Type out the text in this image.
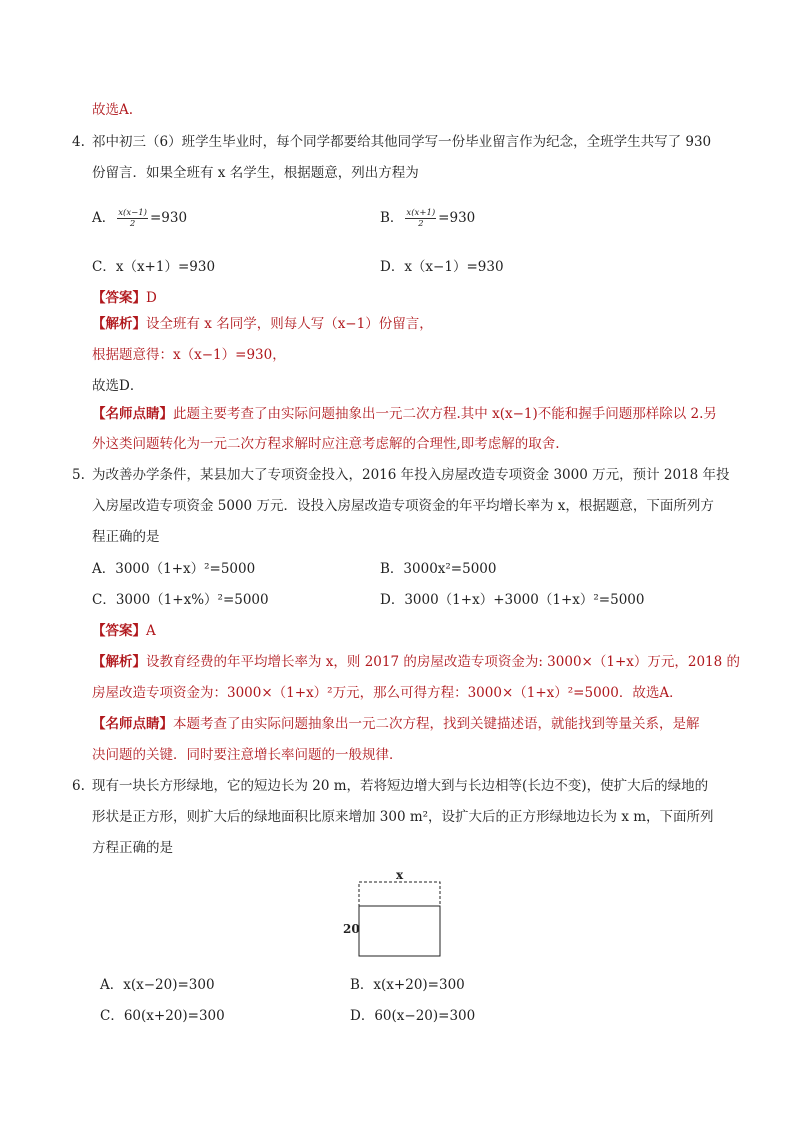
故选A.
4. 祁中初三（6）班学生毕业时，每个同学都要给其他同学写一份毕业留言作为纪念，全班学生共写了 930
份留言．如果全班有 x 名学生，根据题意，列出方程为
A． $\frac{x(x-1)}{2} =930$	B． $\frac{x(x+1)}{2} =930$
C．x（x+1）=930	D．x（x−1）=930
【答案】D
【解析】设全班有 x 名同学，则每人写（x−1）份留言，
根据题意得：x（x−1）=930，
故选D．
【名师点睛】此题主要考查了由实际问题抽象出一元二次方程.其中 x(x−1)不能和握手问题那样除以 2.另
外这类问题转化为一元二次方程求解时应注意考虑解的合理性,即考虑解的取舍.
5. 为改善办学条件，某县加大了专项资金投入，2016 年投入房屋改造专项资金 3000 万元，预计 2018 年投
入房屋改造专项资金 5000 万元．设投入房屋改造专项资金的年平均增长率为 x，根据题意，下面所列方
程正确的是
A．3000（1+x）²=5000	B．3000x²=5000
C．3000（1+x%）²=5000	D．3000（1+x）+3000（1+x）²=5000
【答案】A
【解析】设教育经费的年平均增长率为 x，则 2017 的房屋改造专项资金为: 3000×（1+x）万元，2018 的
房屋改造专项资金为：3000×（1+x）²万元，那么可得方程：3000×（1+x）²=5000．故选A．
【名师点睛】本题考查了由实际问题抽象出一元二次方程，找到关键描述语，就能找到等量关系，是解
决问题的关键．同时要注意增长率问题的一般规律．
6. 现有一块长方形绿地，它的短边长为 20 m，若将短边增大到与长边相等(长边不变)，使扩大后的绿地的
形状是正方形，则扩大后的绿地面积比原来增加 300 m²，设扩大后的正方形绿地边长为 x m，下面所列
方程正确的是
x
20
A．x(x−20)=300	B．x(x+20)=300
C．60(x+20)=300	D．60(x−20)=300
